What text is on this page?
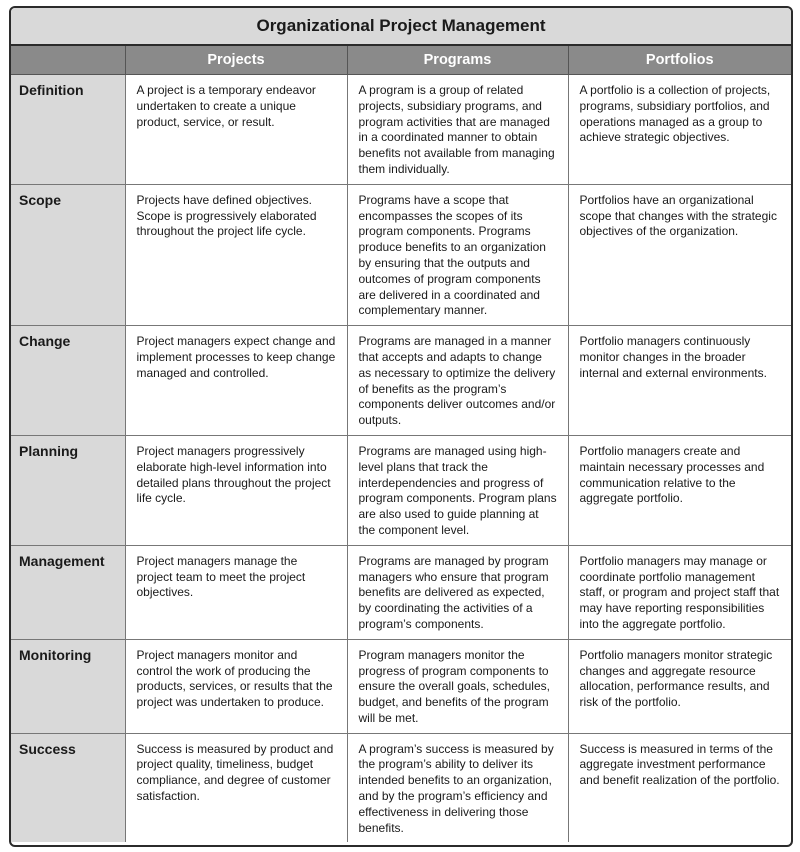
Organizational Project Management
	Projects	Programs	Portfolios
Definition	A project is a temporary endeavor undertaken to create a unique product, service, or result.	A program is a group of related projects, subsidiary programs, and program activities that are managed in a coordinated manner to obtain benefits not available from managing them individually.	A portfolio is a collection of projects, programs, subsidiary portfolios, and operations managed as a group to achieve strategic objectives.
Scope	Projects have defined objectives. Scope is progressively elaborated throughout the project life cycle.	Programs have a scope that encompasses the scopes of its program components. Programs produce benefits to an organization by ensuring that the outputs and outcomes of program components are delivered in a coordinated and complementary manner.	Portfolios have an organizational scope that changes with the strategic objectives of the organization.
Change	Project managers expect change and implement processes to keep change managed and controlled.	Programs are managed in a manner that accepts and adapts to change as necessary to optimize the delivery of benefits as the program’s components deliver outcomes and/or outputs.	Portfolio managers continuously monitor changes in the broader internal and external environments.
Planning	Project managers progressively elaborate high-level information into detailed plans throughout the project life cycle.	Programs are managed using high-level plans that track the interdependencies and progress of program components. Program plans are also used to guide planning at the component level.	Portfolio managers create and maintain necessary processes and communication relative to the aggregate portfolio.
Management	Project managers manage the project team to meet the project objectives.	Programs are managed by program managers who ensure that program benefits are delivered as expected, by coordinating the activities of a program’s components.	Portfolio managers may manage or coordinate portfolio management staff, or program and project staff that may have reporting responsibilities into the aggregate portfolio.
Monitoring	Project managers monitor and control the work of producing the products, services, or results that the project was undertaken to produce.	Program managers monitor the progress of program components to ensure the overall goals, schedules, budget, and benefits of the program will be met.	Portfolio managers monitor strategic changes and aggregate resource allocation, performance results, and risk of the portfolio.
Success	Success is measured by product and project quality, timeliness, budget compliance, and degree of customer satisfaction.	A program’s success is measured by the program’s ability to deliver its intended benefits to an organization, and by the program’s efficiency and effectiveness in delivering those benefits.	Success is measured in terms of the aggregate investment performance and benefit realization of the portfolio.
